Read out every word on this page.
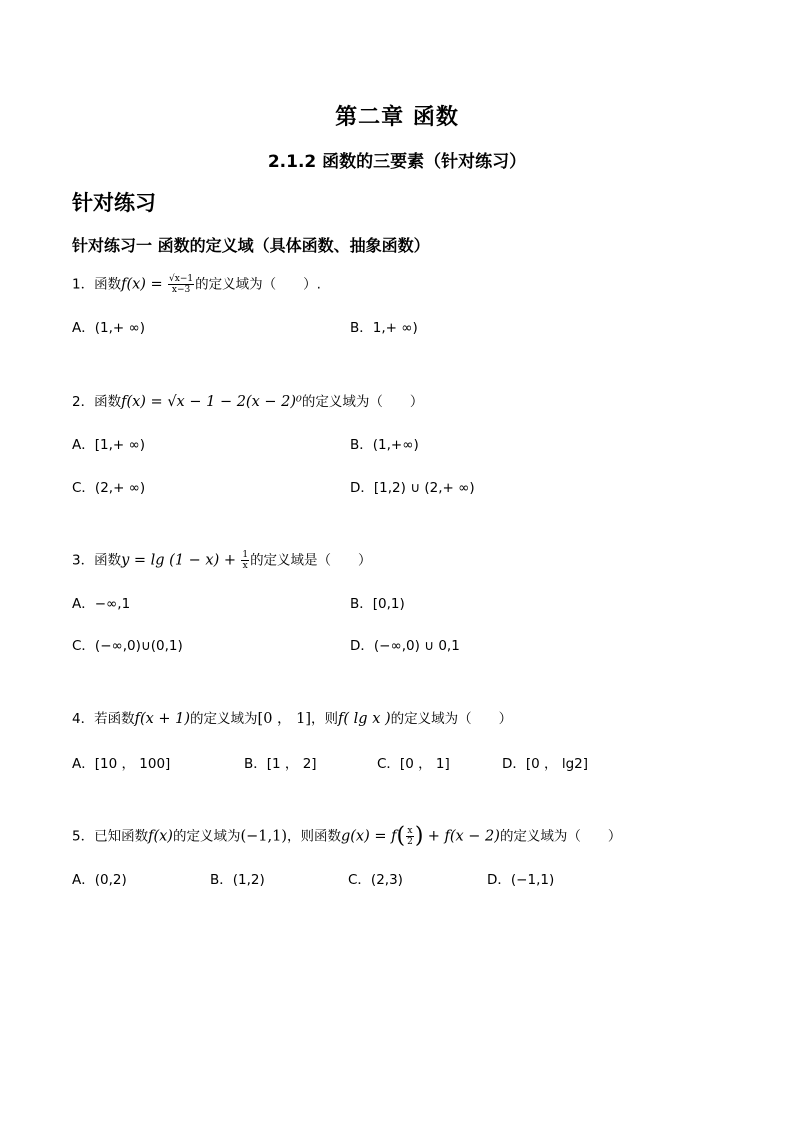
第二章 函数
2.1.2 函数的三要素（针对练习）
针对练习
针对练习一 函数的定义域（具体函数、抽象函数）
1．函数$f(x) = \frac{√x-1}{x-3}$ 的定义域为（　　）.
A．(1,+ ∞)	B．1,+ ∞)
2．函数f(x) = √x − 1 − 2(x − 2)⁰的定义域为（　　）
A．[1,+ ∞)	B．(1,+∞)
C．(2,+ ∞)	D．[1,2) ∪ (2,+ ∞)
3．函数$y = \lg (1 - x) + \frac{1}{x}$ 的定义域是（　　）
A．−∞,1	B．[0,1)
C．(−∞,0)∪(0,1)	D．(−∞,0) ∪ 0,1
4．若函数f(x + 1)的定义域为[0 ， 1]，则f( lg x )的定义域为（　　）
A．[10 ， 100]	B．[1 ， 2]	C．[0 ， 1]	D．[0 ， lg2]
5．已知函数f(x)的定义域为(−1,1)，则函数$g(x) = f( \frac{x}{2}$ ) + f(x − 2)的定义域为（　　）
A．(0,2)	B．(1,2)	C．(2,3)	D．(−1,1)
